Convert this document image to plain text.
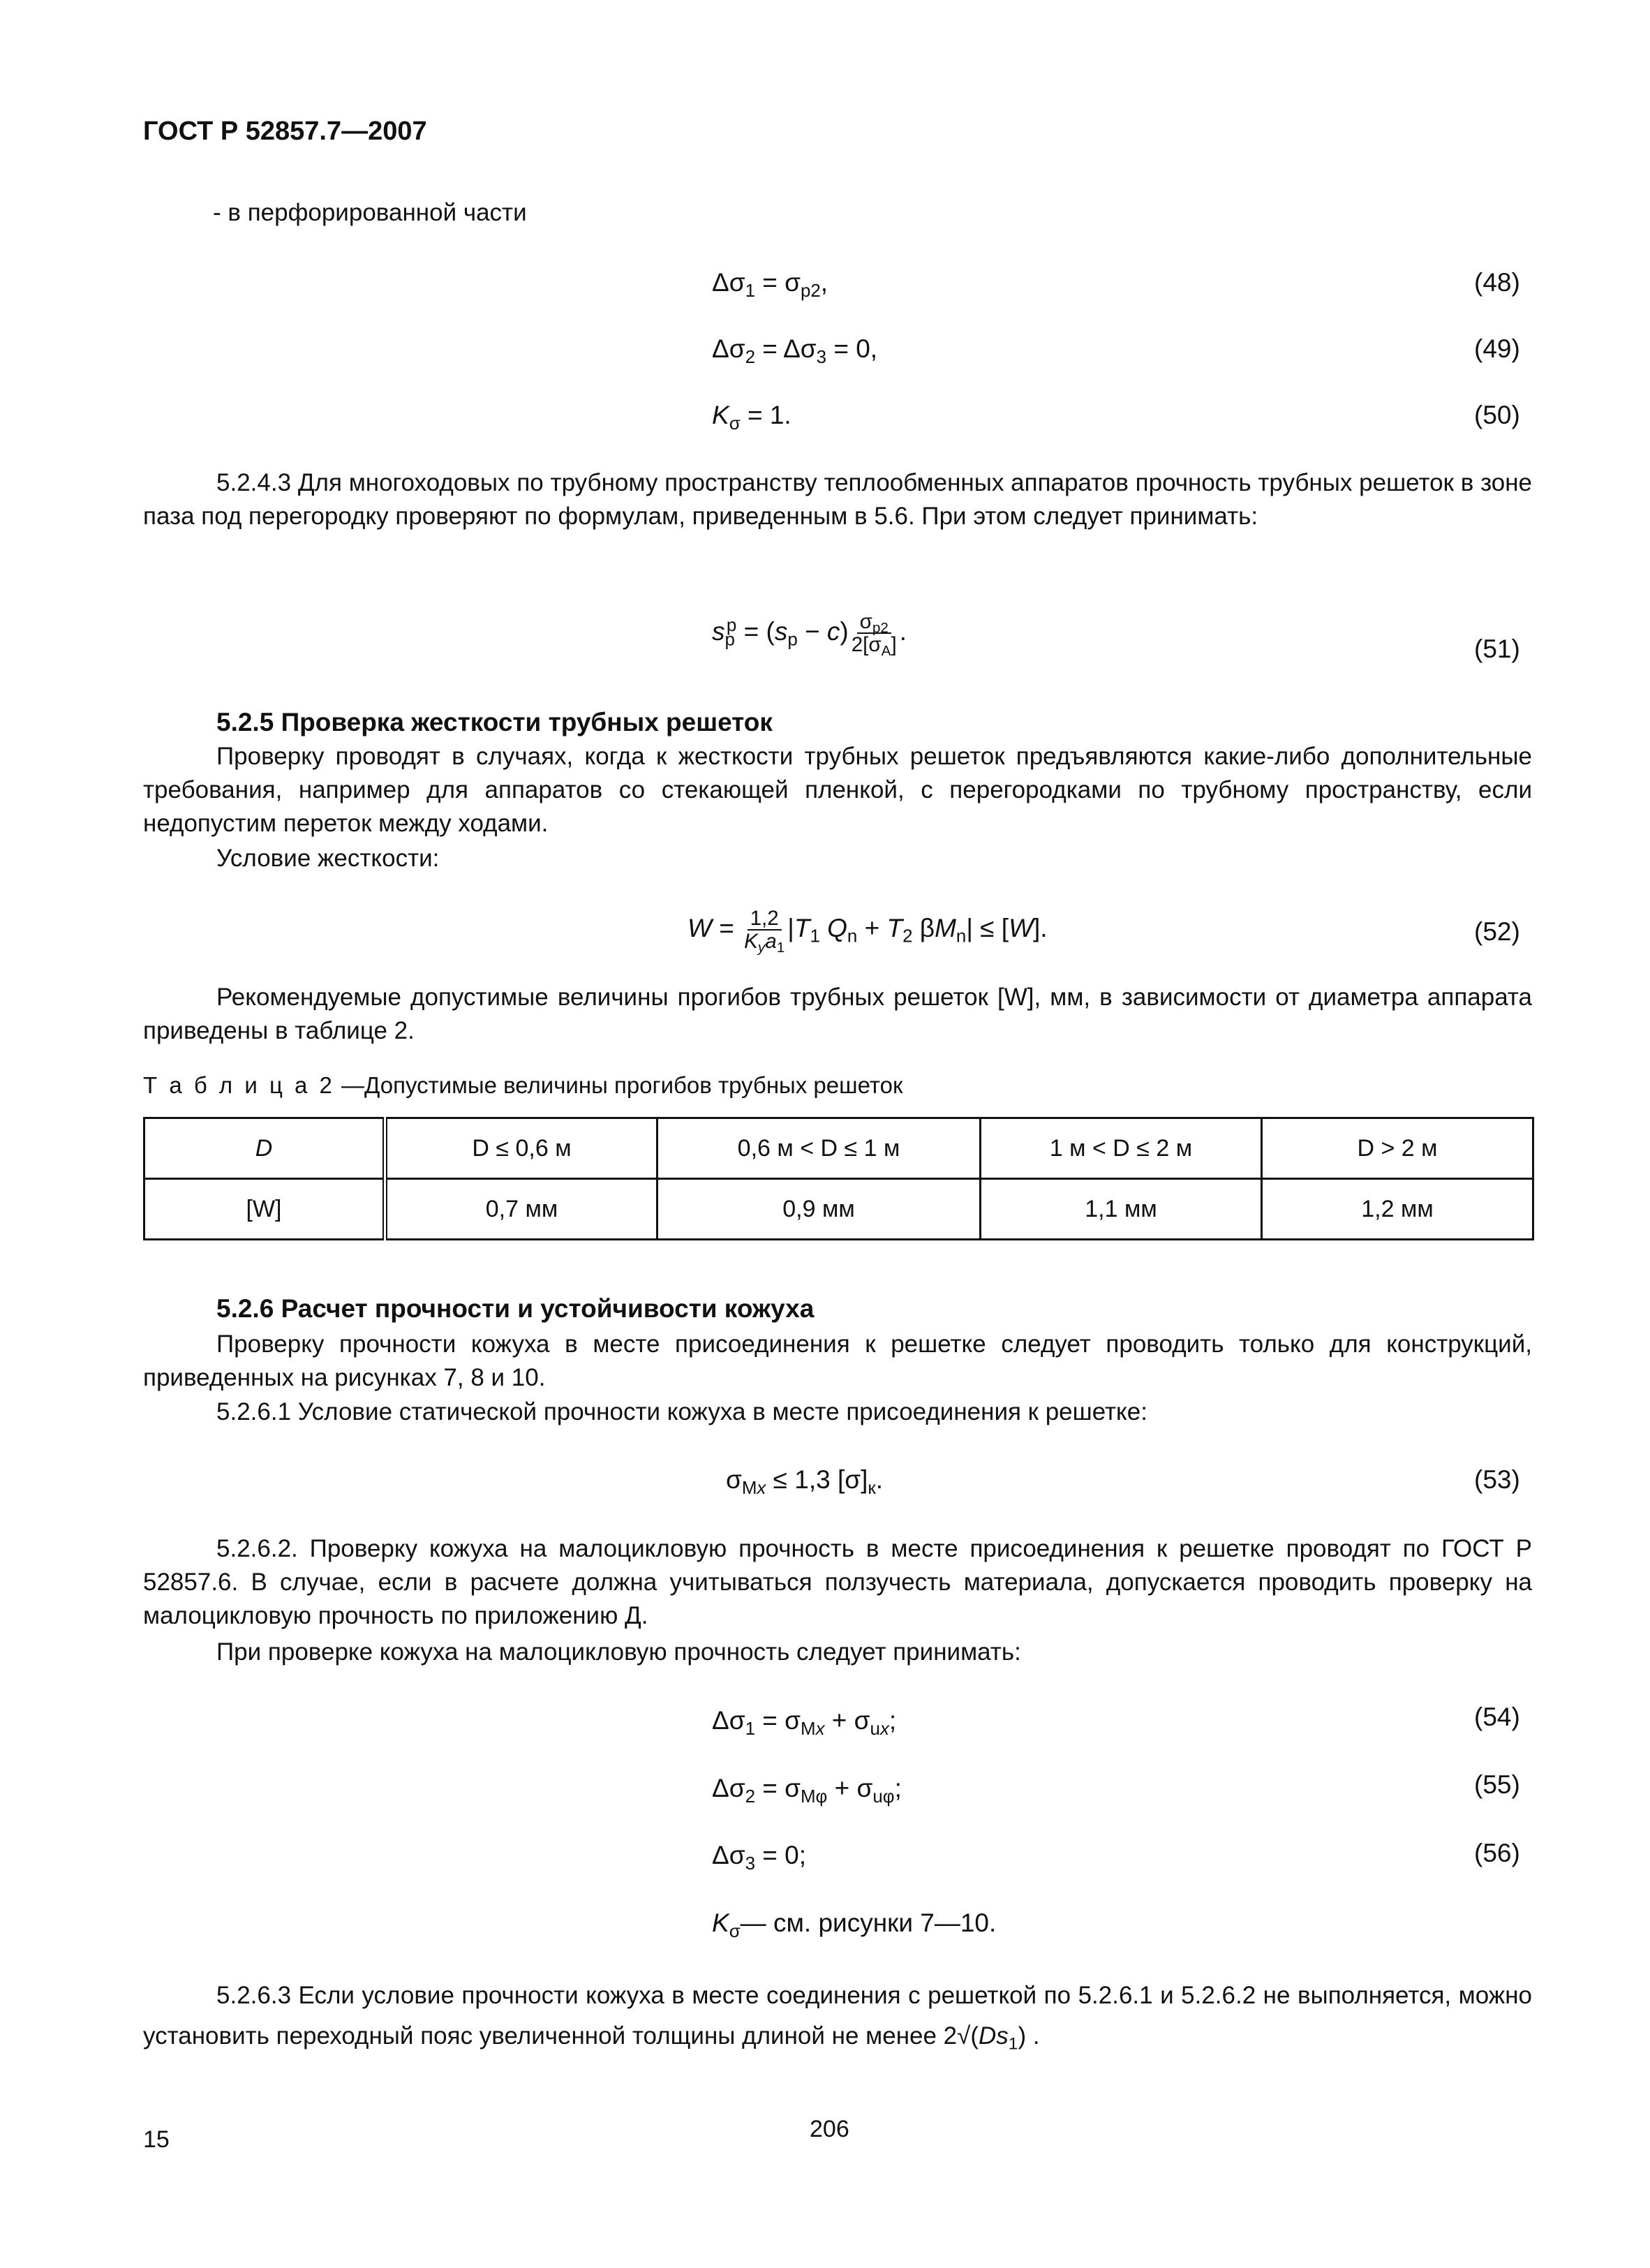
ГОСТ Р 52857.7—2007
- в перфорированной части
$\Delta\sigma_1 = \sigma_{p2}$,	(48)
$\Delta\sigma_2 = \Delta\sigma_3 = 0$,	(49)
$K_\sigma = 1$.	(50)
5.2.4.3 Для многоходовых по трубному пространству теплообменных аппаратов прочность трубных решеток в зоне паза под перегородку проверяют по формулам, приведенным в 5.6. При этом следует принимать:
$s_p^p = (s_p - c) \frac{\sigma_{p2}}{2[\sigma_A]}$ .
(51)
5.2.5 Проверка жесткости трубных решеток
Проверку проводят в случаях, когда к жесткости трубных решеток предъявляются какие-либо дополнительные требования, например для аппаратов со стекающей пленкой, с перегородками по трубному пространству, если недопустим переток между ходами.
Условие жесткости:
$W = \frac{1,2}{K_ya_1} |T_1$ $Q_n + T_2$ $\beta M_n| \le [W]$.	(52)
Рекомендуемые допустимые величины прогибов трубных решеток [W], мм, в зависимости от диаметра аппарата приведены в таблице 2.
Т а б л и ц а 2 —Допустимые величины прогибов трубных решеток
D	D ≤ 0,6 м	0,6 м < D ≤ 1 м	1 м < D ≤ 2 м	D > 2 м
[W]	0,7 мм	0,9 мм	1,1 мм	1,2 мм
5.2.6 Расчет прочности и устойчивости кожуха
Проверку прочности кожуха в месте присоединения к решетке следует проводить только для конструкций, приведенных на рисунках 7, 8 и 10.
5.2.6.1 Условие статической прочности кожуха в месте присоединения к решетке:
$\sigma_{Mx} \le 1,3$ $[\sigma]_к$.	(53)
5.2.6.2. Проверку кожуха на малоцикловую прочность в месте присоединения к решетке проводят по ГОСТ Р 52857.6. В случае, если в расчете должна учитываться ползучесть материала, допускается проводить проверку на малоцикловую прочность по приложению Д.
При проверке кожуха на малоцикловую прочность следует принимать:
$\Delta\sigma_1 = \sigma_{Mx} + \sigma_{ux}$;	(54)
$\Delta\sigma_2 = \sigma_{M\varphi} + \sigma_{u\varphi}$;	(55)
$\Delta\sigma_3 = 0$;	(56)
$K_\sigma—$ см. рисунки 7—10.
5.2.6.3 Если условие прочности кожуха в месте соединения с решеткой по 5.2.6.1 и 5.2.6.2 не выполняется, можно установить переходный пояс увеличенной толщины длиной не менее $2√(Ds_1)$ .
15	206
